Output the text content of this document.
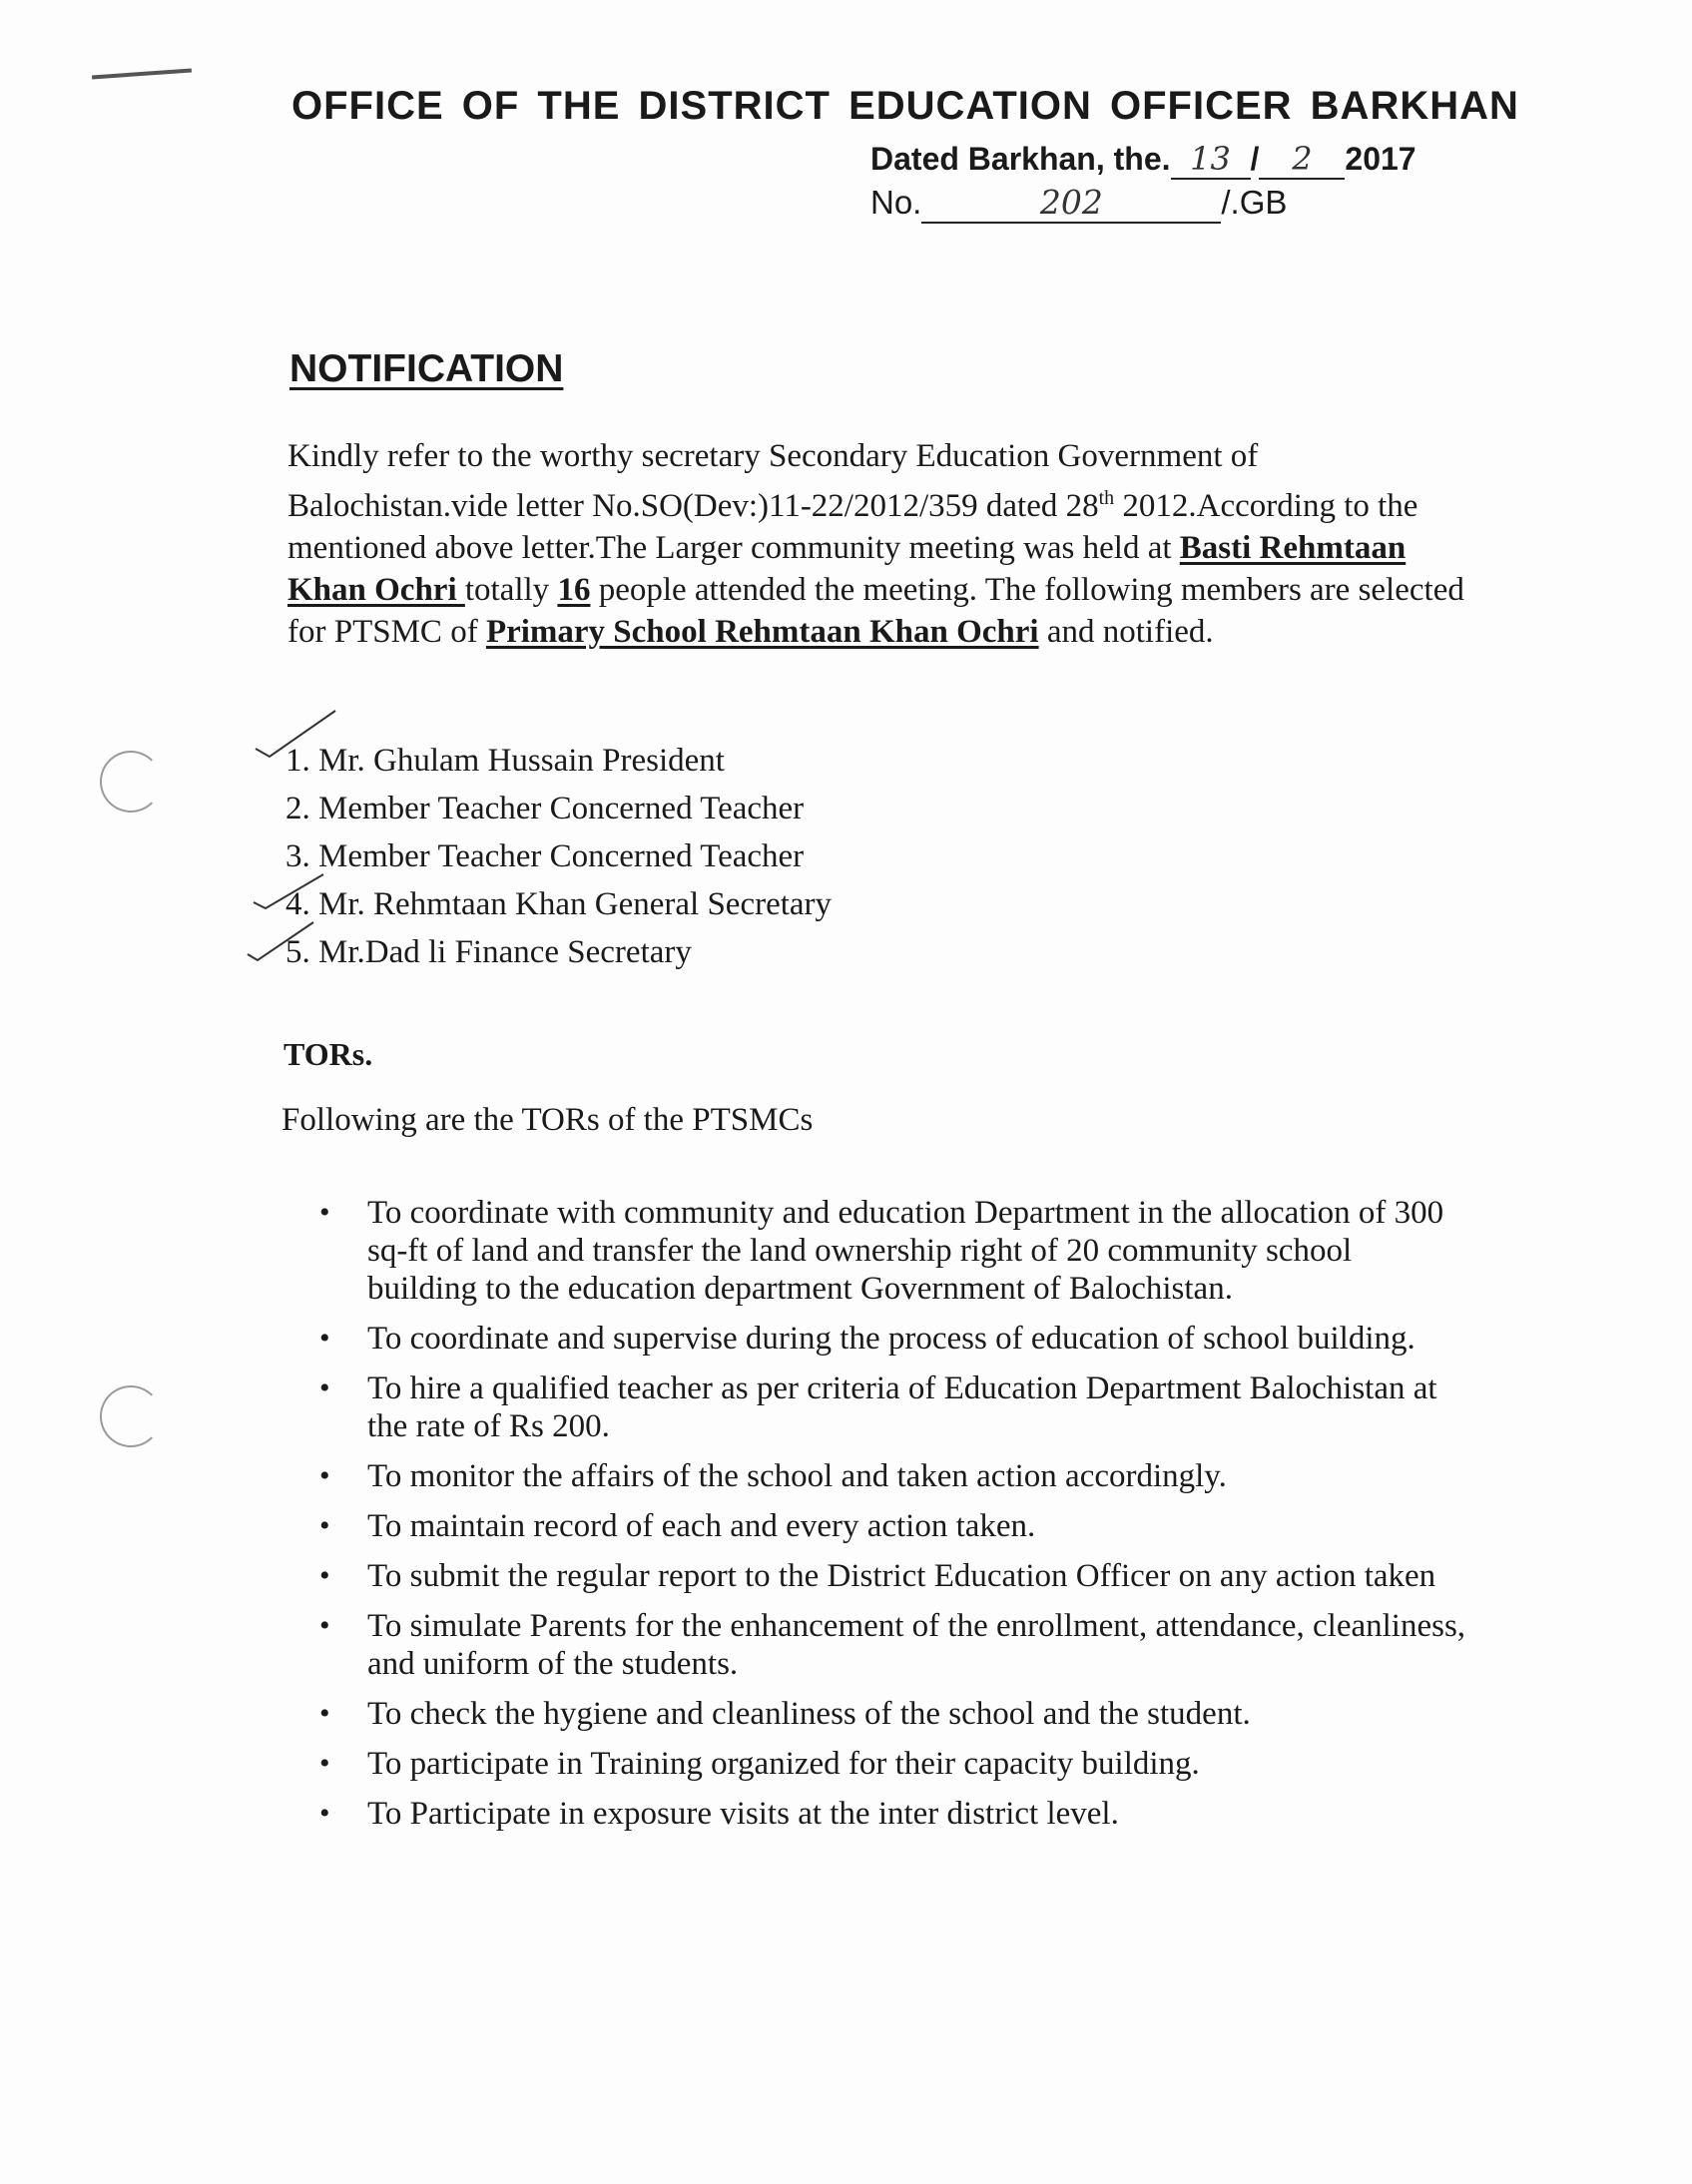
OFFICE OF THE DISTRICT EDUCATION OFFICER BARKHAN
Dated Barkhan, the. 13 / 2 2017
No.	202	/.GB
NOTIFICATION
Kindly refer to the worthy secretary Secondary Education Government of Balochistan.vide letter No.SO(Dev:)11-22/2012/359 dated 28th 2012.According to the mentioned above letter.The Larger community meeting was held at Basti Rehmtaan Khan Ochri totally 16 people attended the meeting. The following members are selected for PTSMC of Primary School Rehmtaan Khan Ochri and notified.
1. Mr. Ghulam Hussain President
2. Member Teacher Concerned Teacher
3. Member Teacher Concerned Teacher
4. Mr. Rehmtaan Khan General Secretary
5. Mr.Dad li Finance Secretary
TORs.
Following are the TORs of the PTSMCs
•	To coordinate with community and education Department in the allocation of 300 sq-ft of land and transfer the land ownership right of 20 community school building to the education department Government of Balochistan.
•	To coordinate and supervise during the process of education of school building.
•	To hire a qualified teacher as per criteria of Education Department Balochistan at the rate of Rs 200.
•	To monitor the affairs of the school and taken action accordingly.
•	To maintain record of each and every action taken.
•	To submit the regular report to the District Education Officer on any action taken
•	To simulate Parents for the enhancement of the enrollment, attendance, cleanliness, and uniform of the students.
•	To check the hygiene and cleanliness of the school and the student.
•	To participate in Training organized for their capacity building.
•	To Participate in exposure visits at the inter district level.
